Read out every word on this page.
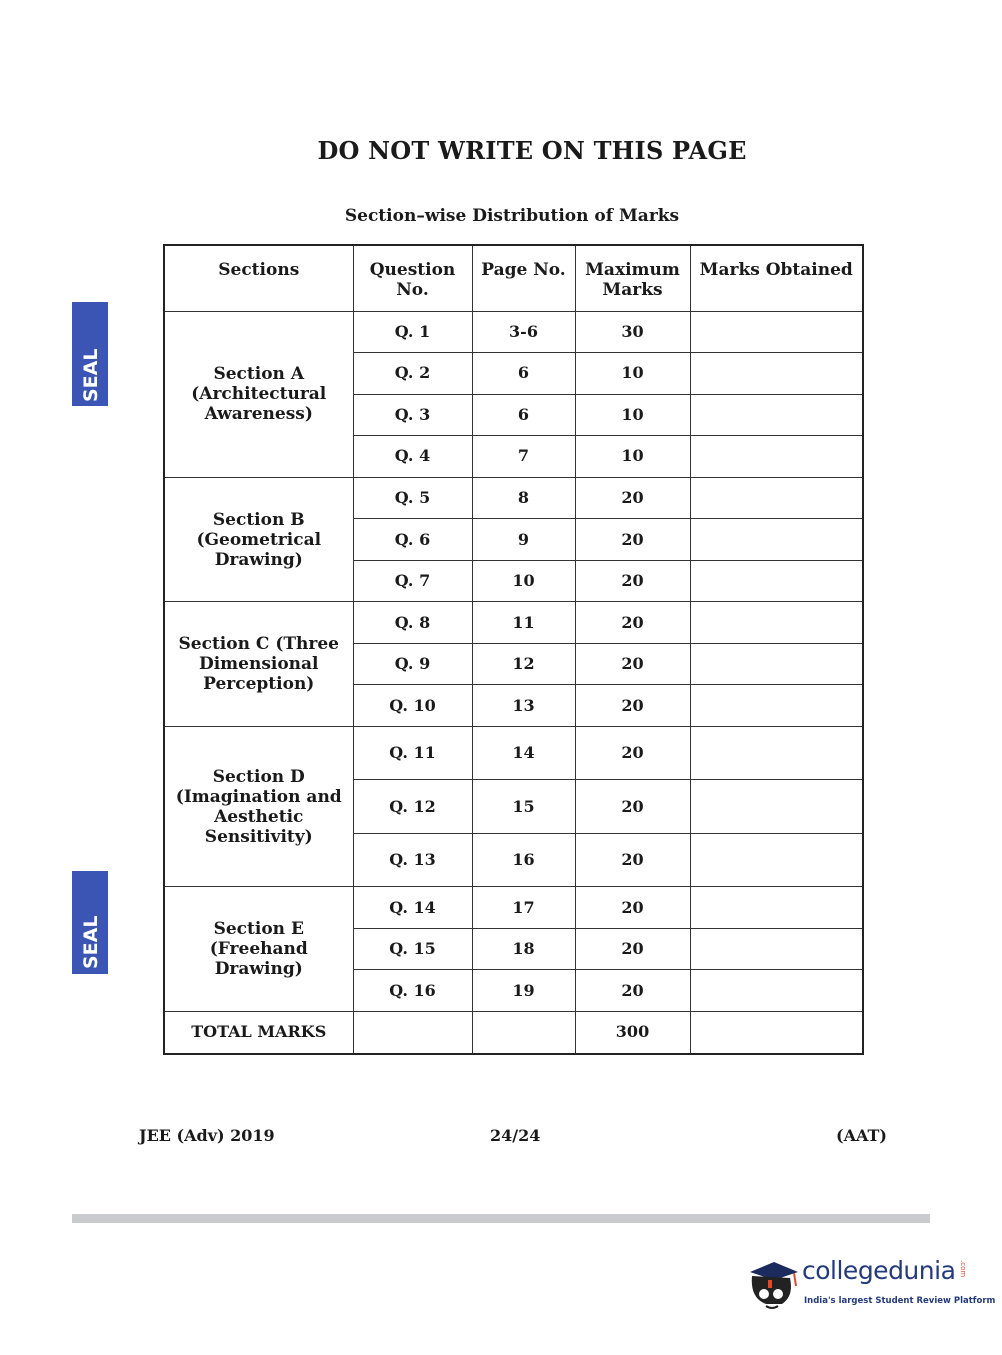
DO NOT WRITE ON THIS PAGE
Section–wise Distribution of Marks
SEAL
SEAL
Sections	Question No.	Page No.	Maximum Marks	Marks Obtained
Section A (Architectural Awareness)	Q. 1	3-6	30	
	Q. 2	6	10	
	Q. 3	6	10	
	Q. 4	7	10	
Section B (Geometrical Drawing)	Q. 5	8	20	
	Q. 6	9	20	
	Q. 7	10	20	
Section C (Three Dimensional Perception)	Q. 8	11	20	
	Q. 9	12	20	
	Q. 10	13	20	
Section D (Imagination and Aesthetic Sensitivity)	Q. 11	14	20	
	Q. 12	15	20	
	Q. 13	16	20	
Section E (Freehand Drawing)	Q. 14	17	20	
	Q. 15	18	20	
	Q. 16	19	20	
TOTAL MARKS			300	
JEE (Adv) 2019	24/24	(AAT)
collegedunia .com
India's largest Student Review Platform
